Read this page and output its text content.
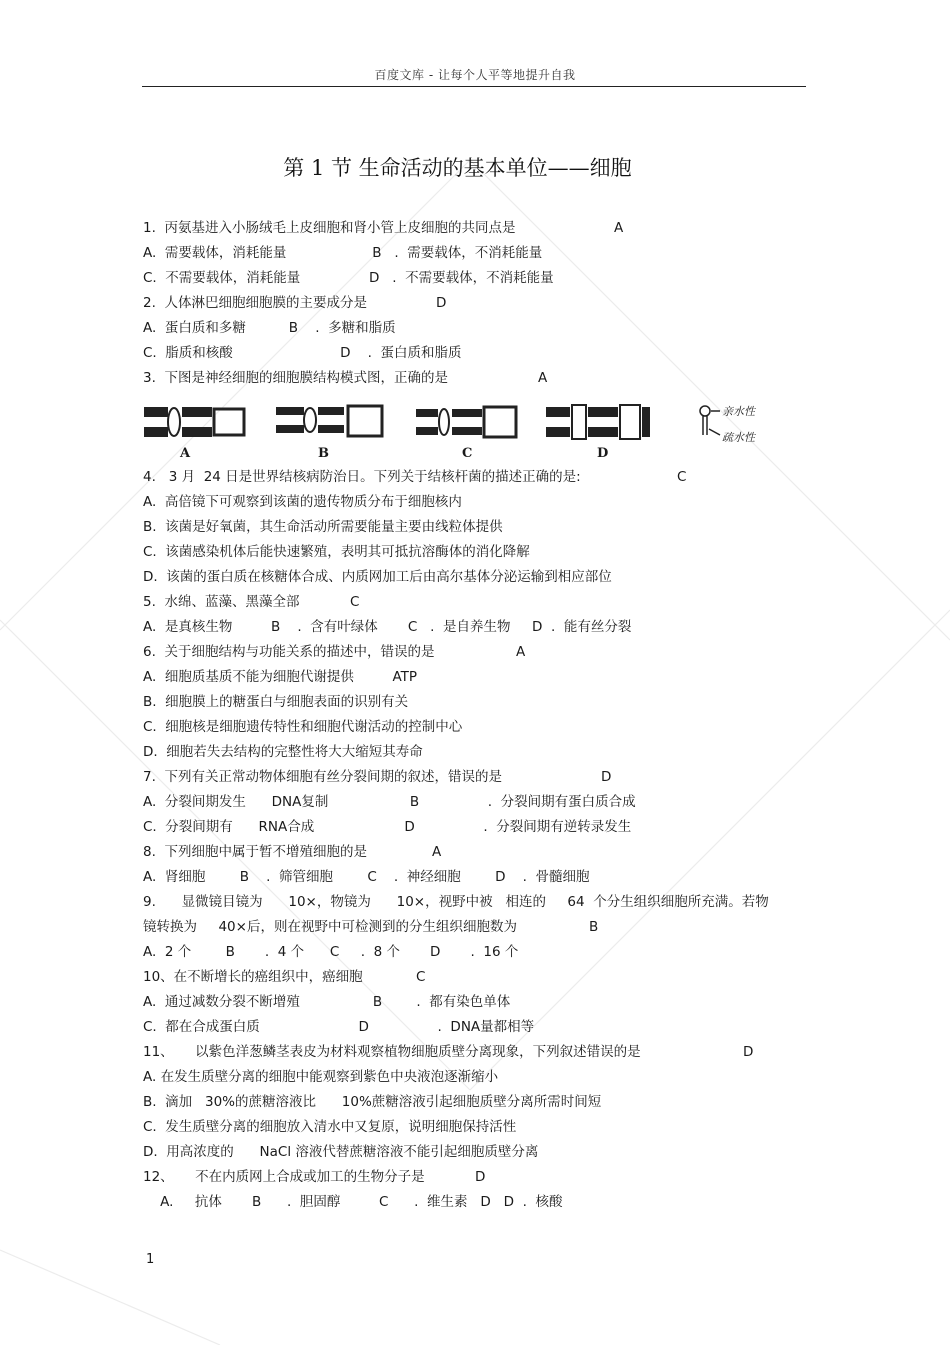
百度文库 - 让每个人平等地提升自我
第 1 节 生命活动的基本单位——细胞
1.  丙氨基进入小肠绒毛上皮细胞和肾小管上皮细胞的共同点是	A
A.  需要载体，消耗能量                    B   .  需要载体，不消耗能量
C.  不需要载体，消耗能量                D   .  不需要载体，不消耗能量
2.  人体淋巴细胞细胞膜的主要成分是	D
A.  蛋白质和多糖          B    .  多糖和脂质
C.  脂质和核酸                         D    .  蛋白质和脂质
3.  下图是神经细胞的细胞膜结构模式图，正确的是	A
4.   3 月  24 日是世界结核病防治日。下列关于结核杆菌的描述正确的是:	C
A.  高倍镜下可观察到该菌的遗传物质分布于细胞核内
B.  该菌是好氧菌，其生命活动所需要能量主要由线粒体提供
C.  该菌感染机体后能快速繁殖，表明其可抵抗溶酶体的消化降解
D.  该菌的蛋白质在核糖体合成、内质网加工后由高尔基体分泌运输到相应部位
5.  水绵、蓝藻、黑藻全部	C
A.  是真核生物         B    .  含有叶绿体       C   .  是自养生物     D  .  能有丝分裂
6.  关于细胞结构与功能关系的描述中，错误的是	A
A.  细胞质基质不能为细胞代谢提供         ATP
B.  细胞膜上的糖蛋白与细胞表面的识别有关
C.  细胞核是细胞遗传特性和细胞代谢活动的控制中心
D.  细胞若失去结构的完整性将大大缩短其寿命
7.  下列有关正常动物体细胞有丝分裂间期的叙述，错误的是	D
A.  分裂间期发生      DNA复制                   B                .  分裂间期有蛋白质合成
C.  分裂间期有      RNA合成                     D                .  分裂间期有逆转录发生
8.  下列细胞中属于暂不增殖细胞的是	A
A.  肾细胞        B    .  筛管细胞        C    .  神经细胞        D    .  骨髓细胞
9.      显微镜目镜为      10×，物镜为      10×，视野中被   相连的     64  个分生组织细胞所充满。若物
镜转换为     40×后，则在视野中可检测到的分生组织细胞数为	B
A.  2 个        B       .  4 个      C     .  8 个       D       .  16 个
10、在不断增长的癌组织中，癌细胞	C
A.  通过减数分裂不断增殖                 B        .  都有染色单体
C.  都在合成蛋白质                       D                .  DNA量都相等
11、     以紫色洋葱鳞茎表皮为材料观察植物细胞质壁分离现象，下列叙述错误的是	D
A. 在发生质壁分离的细胞中能观察到紫色中央液泡逐渐缩小
B.  滴加   30%的蔗糖溶液比      10%蔗糖溶液引起细胞质壁分离所需时间短
C.  发生质壁分离的细胞放入清水中又复原，说明细胞保持活性
D.  用高浓度的      NaCl 溶液代替蔗糖溶液不能引起细胞质壁分离
12、     不在内质网上合成或加工的生物分子是	D
A.     抗体       B      .  胆固醇         C      .  维生素   D   D  .  核酸
亲水性
疏水性
A	B	C	D
1
